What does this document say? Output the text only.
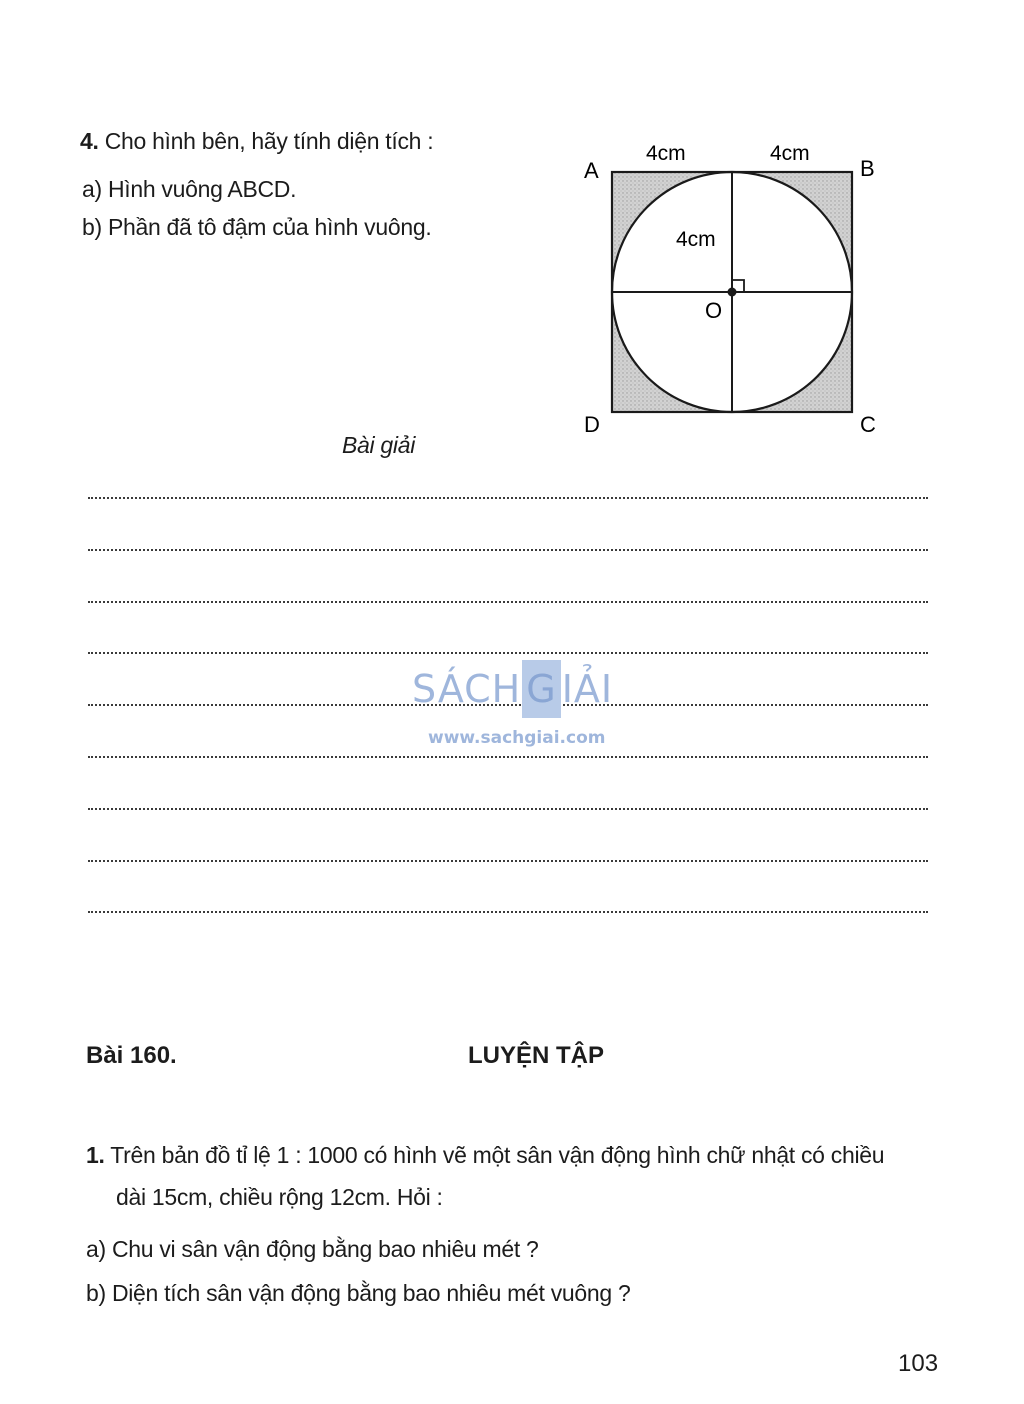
4. Cho hình bên, hãy tính diện tích :
a) Hình vuông ABCD.
b) Phần đã tô đậm của hình vuông.
A	B
D	C
O
4cm	4cm
4cm
Bài giải
SÁCH G IẢI
www.sachgiai.com
Bài 160.	LUYỆN TẬP
1. Trên bản đồ tỉ lệ 1 : 1000 có hình vẽ một sân vận động hình chữ nhật có chiều
dài 15cm, chiều rộng 12cm. Hỏi :
a) Chu vi sân vận động bằng bao nhiêu mét ?
b) Diện tích sân vận động bằng bao nhiêu mét vuông ?
103
